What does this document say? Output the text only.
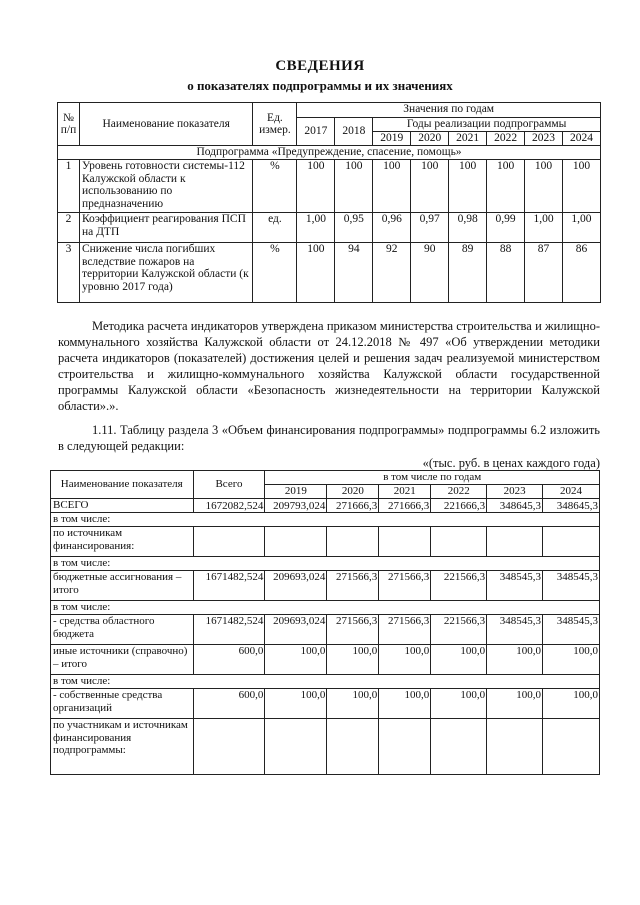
СВЕДЕНИЯ
о показателях подпрограммы и их значениях
№ п/п	Наименование показателя	Ед. измер.	Значения по годам							
			2017	2018	Годы реализации подпрограммы					
					2019	2020	2021	2022	2023	2024
Подпрограмма «Предупреждение, спасение, помощь»										
1	Уровень готовности системы-112 Калужской области к использованию по предназначению	%	100	100	100	100	100	100	100	100
2	Коэффициент реагирования ПСП на ДТП	ед.	1,00	0,95	0,96	0,97	0,98	0,99	1,00	1,00
3	Снижение числа погибших вследствие пожаров на территории Калужской области (к уровню 2017 года)	%	100	94	92	90	89	88	87	86
Методика расчета индикаторов утверждена приказом министерства строительства и жилищно-коммунального хозяйства Калужской области от 24.12.2018 № 497 «Об утверждении методики расчета индикаторов (показателей) достижения целей и решения задач реализуемой министерством строительства и жилищно-коммунального хозяйства Калужской области государственной программы Калужской области «Безопасность жизнедеятельности на территории Калужской области».».
1.11. Таблицу раздела 3 «Объем финансирования подпрограммы» подпрограммы 6.2 изложить в следующей редакции:
«(тыс. руб. в ценах каждого года)
Наименование показателя	Всего	в том числе по годам					
		2019	2020	2021	2022	2023	2024
ВСЕГО	1672082,524	209793,024	271666,3	271666,3	221666,3	348645,3	348645,3
в том числе:							
по источникам финансирования:							
в том числе:							
бюджетные ассигнования – итого	1671482,524	209693,024	271566,3	271566,3	221566,3	348545,3	348545,3
в том числе:							
- средства областного бюджета	1671482,524	209693,024	271566,3	271566,3	221566,3	348545,3	348545,3
иные источники (справочно) – итого	600,0	100,0	100,0	100,0	100,0	100,0	100,0
в том числе:							
- собственные средства организаций	600,0	100,0	100,0	100,0	100,0	100,0	100,0
по участникам и источникам финансирования подпрограммы:							
